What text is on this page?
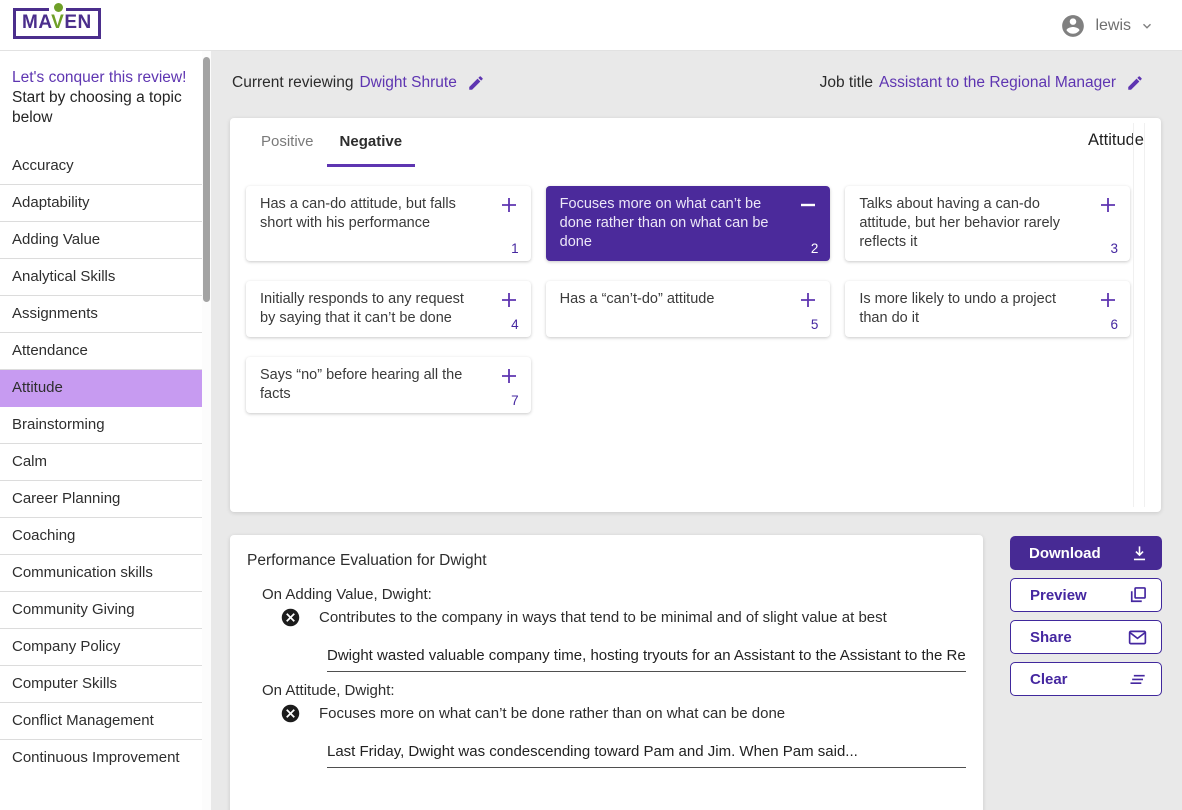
MAVEN	lewis
Let's conquer this review!
Start by choosing a topic below
Accuracy
Adaptability
Adding Value
Analytical Skills
Assignments
Attendance
Attitude
Brainstorming
Calm
Career Planning
Coaching
Communication skills
Community Giving
Company Policy
Computer Skills
Conflict Management
Continuous Improvement
Current reviewing Dwight Shrute	Job title Assistant to the Regional Manager
Positive	Negative	Attitude
Has a can-do attitude, but falls short with his performance
1
Focuses more on what can’t be done rather than on what can be done	2
Talks about having a can-do attitude, but her behavior rarely reflects it	3
Initially responds to any request by saying that it can’t be done	4
Has a “can’t-do” attitude
5
Is more likely to undo a project than do it	6
Says “no” before hearing all the facts	7
Performance Evaluation for Dwight
On Adding Value, Dwight:
Contributes to the company in ways that tend to be minimal and of slight value at best
Dwight wasted valuable company time, hosting tryouts for an Assistant to the Assistant to the Re
On Attitude, Dwight:
Focuses more on what can’t be done rather than on what can be done
Last Friday, Dwight was condescending toward Pam and Jim. When Pam said...
Download
Preview
Share
Clear
